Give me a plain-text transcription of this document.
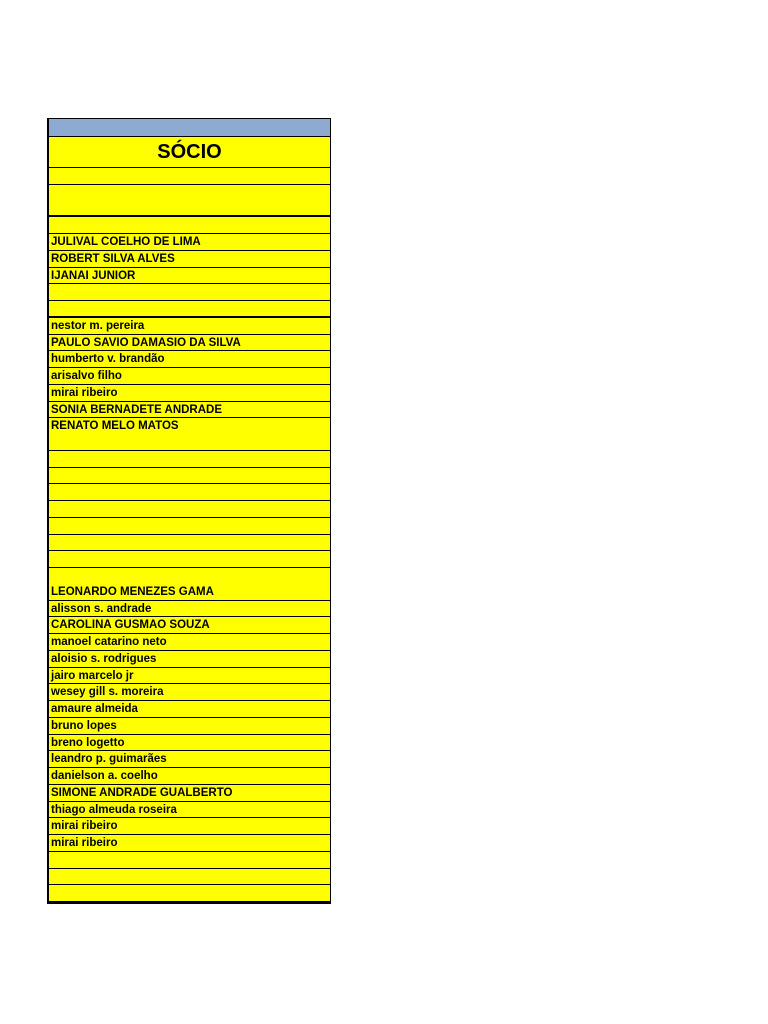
SÓCIO
JULIVAL COELHO DE LIMA
ROBERT SILVA ALVES
IJANAI JUNIOR
nestor m. pereira
PAULO SAVIO DAMASIO DA SILVA
humberto v. brandão
arisalvo filho
mirai ribeiro
SONIA BERNADETE ANDRADE
RENATO MELO MATOS
LEONARDO MENEZES GAMA
alisson s. andrade
CAROLINA GUSMAO SOUZA
manoel catarino neto
aloisio s. rodrigues
jairo marcelo jr
wesey gill s. moreira
amaure almeida
bruno lopes
breno logetto
leandro p. guimarães
danielson a. coelho
SIMONE ANDRADE GUALBERTO
thiago almeuda roseira
mirai ribeiro
mirai ribeiro
